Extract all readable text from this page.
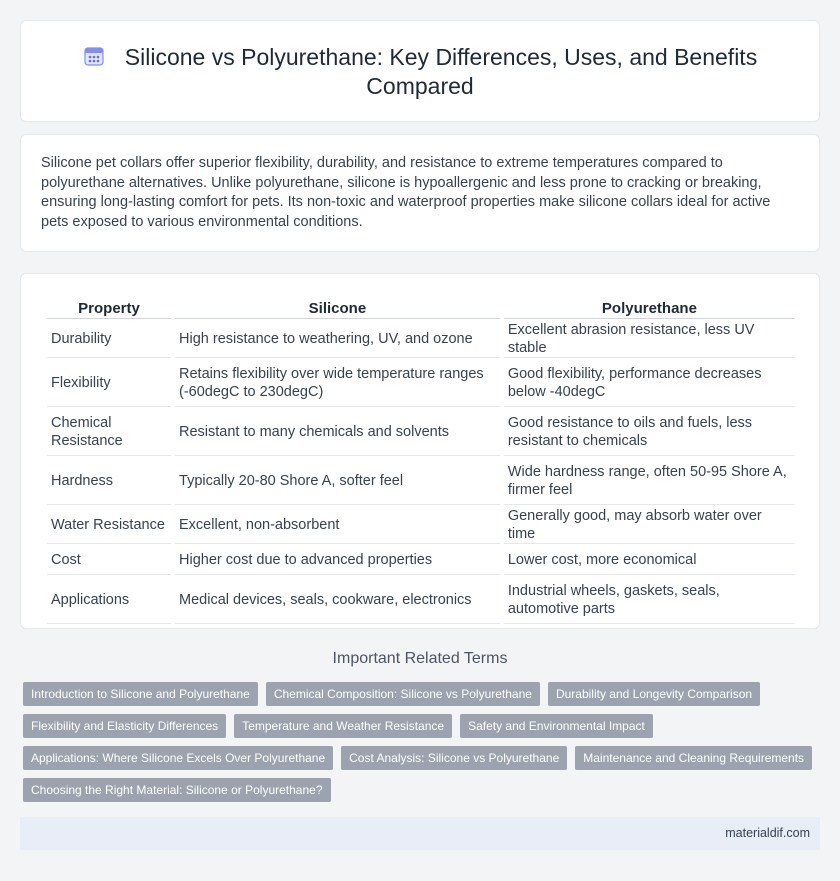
Silicone vs Polyurethane: Key Differences, Uses, and Benefits Compared

Silicone pet collars offer superior flexibility, durability, and resistance to extreme temperatures compared to polyurethane alternatives. Unlike polyurethane, silicone is hypoallergenic and less prone to cracking or breaking, ensuring long-lasting comfort for pets. Its non-toxic and waterproof properties make silicone collars ideal for active pets exposed to various environmental conditions.

Property	Silicone	Polyurethane
Durability	High resistance to weathering, UV, and ozone	Excellent abrasion resistance, less UV stable
Flexibility	Retains flexibility over wide temperature ranges (-60degC to 230degC)	Good flexibility, performance decreases below -40degC
Chemical Resistance	Resistant to many chemicals and solvents	Good resistance to oils and fuels, less resistant to chemicals
Hardness	Typically 20-80 Shore A, softer feel	Wide hardness range, often 50-95 Shore A, firmer feel
Water Resistance	Excellent, non-absorbent	Generally good, may absorb water over time
Cost	Higher cost due to advanced properties	Lower cost, more economical
Applications	Medical devices, seals, cookware, electronics	Industrial wheels, gaskets, seals, automotive parts
Important Related Terms
Introduction to Silicone and Polyurethane	Chemical Composition: Silicone vs Polyurethane	Durability and Longevity Comparison
Flexibility and Elasticity Differences	Temperature and Weather Resistance	Safety and Environmental Impact
Applications: Where Silicone Excels Over Polyurethane	Cost Analysis: Silicone vs Polyurethane	Maintenance and Cleaning Requirements
Choosing the Right Material: Silicone or Polyurethane?
materialdif.com
